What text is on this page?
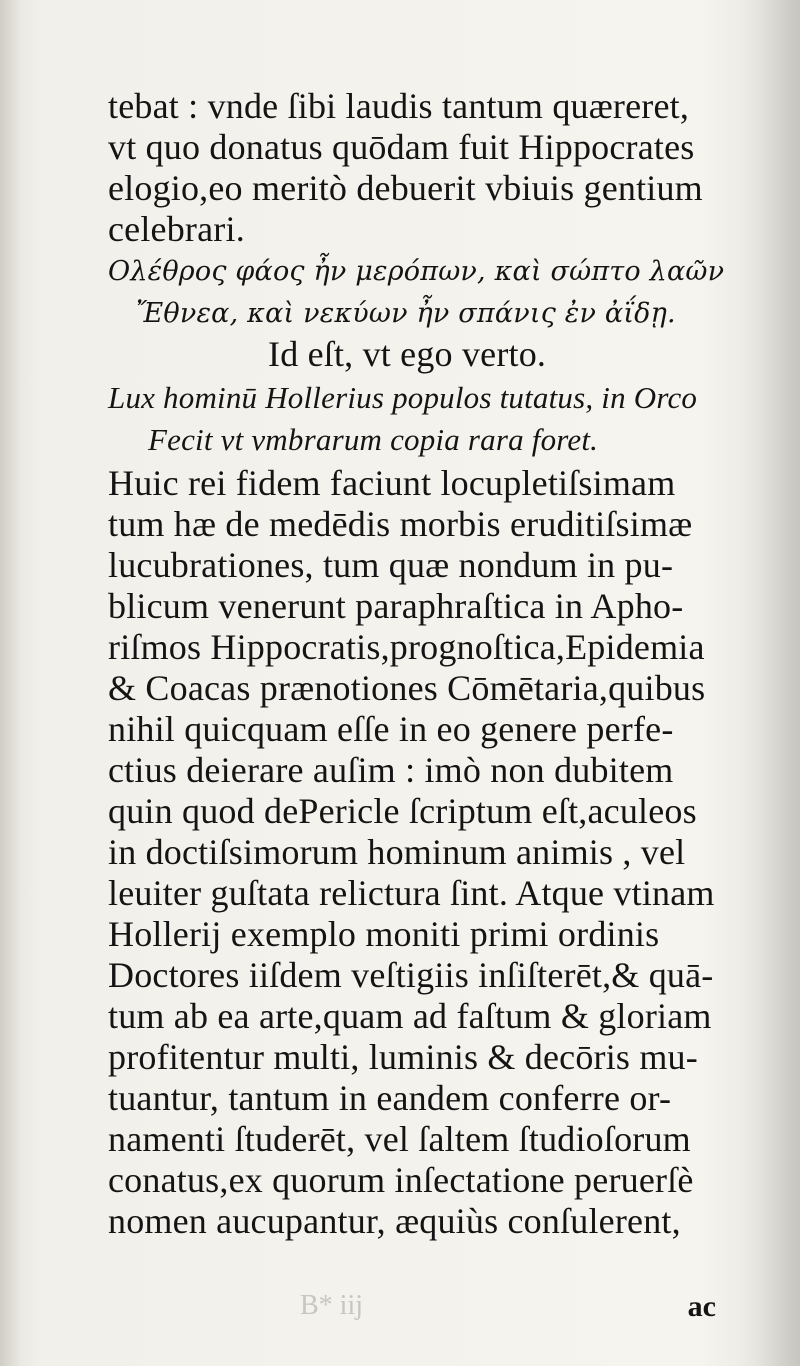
tebat : vnde ſibi laudis tantum quæreret,
vt quo donatus quōdam fuit Hippocrates
elogio,eo meritò debuerit vbiuis gentium
celebrari.
Ολέθρος φάος ἦν μερόπων, καὶ σώπτο λαῶν
Ἔθνεα, καὶ νεκύων ἦν σπάνις ἐν ἀΐδῃ.
Id eſt, vt ego verto.
Lux hominū Hollerius populos tutatus, in Orco
Fecit vt vmbrarum copia rara foret.
Huic rei fidem faciunt locupletiſsimam
tum hæ de medēdis morbis eruditiſsimæ
lucubrationes, tum quæ nondum in pu-
blicum venerunt paraphraſtica in Apho-
riſmos Hippocratis,prognoſtica,Epidemia
& Coacas prænotiones Cōmētaria,quibus
nihil quicquam eſſe in eo genere perfe-
ctius deierare auſim : imò non dubitem
quin quod dePericle ſcriptum eſt,aculeos
in doctiſsimorum hominum animis , vel
leuiter guſtata relictura ſint. Atque vtinam
Hollerij exemplo moniti primi ordinis
Doctores iiſdem veſtigiis inſiſterēt,& quā-
tum ab ea arte,quam ad faſtum & gloriam
profitentur multi, luminis & decōris mu-
tuantur, tantum in eandem conferre or-
namenti ſtuderēt, vel ſaltem ſtudioſorum
conatus,ex quorum inſectatione peruerſè
nomen aucupantur, æquiùs conſulerent,
B* iij	ac
